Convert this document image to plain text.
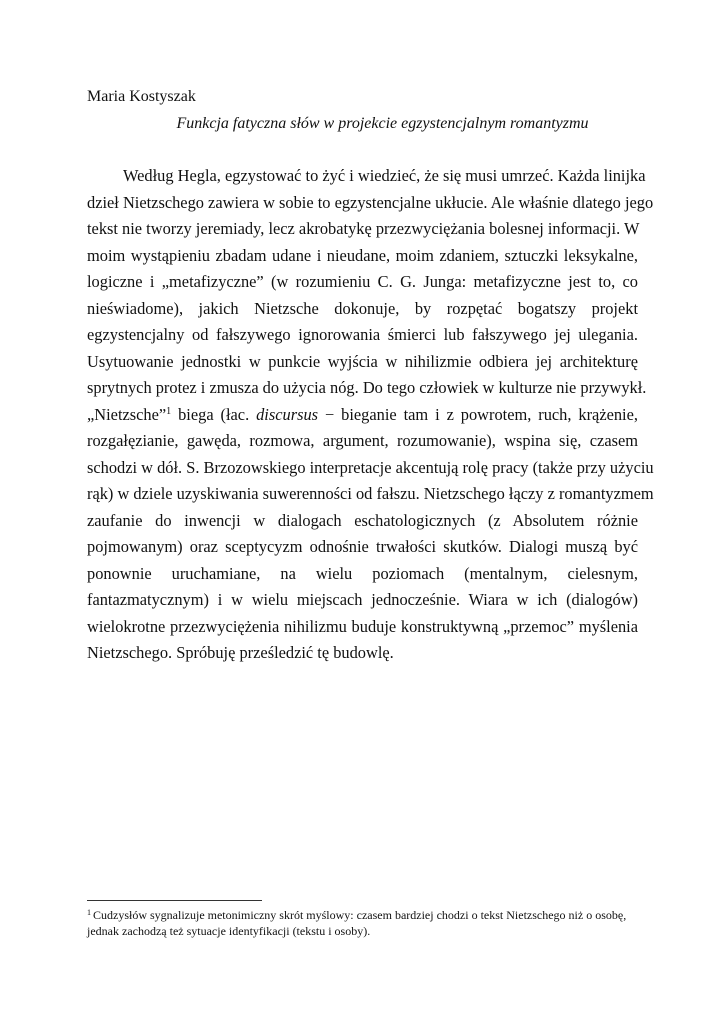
Maria Kostyszak
Funkcja fatyczna słów w projekcie egzystencjalnym romantyzmu
Według Hegla, egzystować to żyć i wiedzieć, że się musi umrzeć. Każda linijka
dzieł Nietzschego zawiera w sobie to egzystencjalne ukłucie. Ale właśnie dlatego jego
tekst nie tworzy jeremiady, lecz akrobatykę przezwyciężania bolesnej informacji. W
moim wystąpieniu zbadam udane i nieudane, moim zdaniem, sztuczki leksykalne,
logiczne i „metafizyczne” (w rozumieniu C. G. Junga: metafizyczne jest to, co
nieświadome), jakich Nietzsche dokonuje, by rozpętać bogatszy projekt
egzystencjalny od fałszywego ignorowania śmierci lub fałszywego jej ulegania.
Usytuowanie jednostki w punkcie wyjścia w nihilizmie odbiera jej architekturę
sprytnych protez i zmusza do użycia nóg. Do tego człowiek w kulturze nie przywykł.
„Nietzsche”$^1$ biega (łac. discursus − bieganie tam i z powrotem, ruch, krążenie,
rozgałęzianie, gawęda, rozmowa, argument, rozumowanie), wspina się, czasem
schodzi w dół. S. Brzozowskiego interpretacje akcentują rolę pracy (także przy użyciu
rąk) w dziele uzyskiwania suwerenności od fałszu. Nietzschego łączy z romantyzmem
zaufanie do inwencji w dialogach eschatologicznych (z Absolutem różnie
pojmowanym) oraz sceptycyzm odnośnie trwałości skutków. Dialogi muszą być
ponownie uruchamiane, na wielu poziomach (mentalnym, cielesnym,
fantazmatycznym) i w wielu miejscach jednocześnie. Wiara w ich (dialogów)
wielokrotne przezwyciężenia nihilizmu buduje konstruktywną „przemoc” myślenia
Nietzschego. Spróbuję prześledzić tę budowlę.
$^1$ Cudzysłów sygnalizuje metonimiczny skrót myślowy: czasem bardziej chodzi o tekst Nietzschego niż o osobę,
jednak zachodzą też sytuacje identyfikacji (tekstu i osoby).
